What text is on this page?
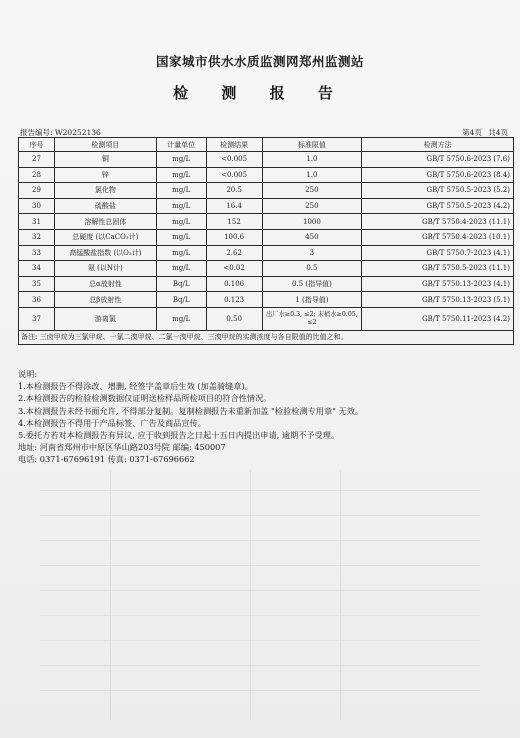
国家城市供水水质监测网郑州监测站
检 测 报 告
报告编号: W20252136	第4页 共4页
序号	检测项目	计量单位	检测结果	标准限值	检测方法
27	铜	mg/L	<0.005	1.0	GB/T 5750.6-2023 (7.6)
28	锌	mg/L	<0.005	1.0	GB/T 5750.6-2023 (8.4)
29	氯化物	mg/L	20.5	250	GB/T 5750.5-2023 (5.2)
30	硫酸盐	mg/L	16.4	250	GB/T 5750.5-2023 (4.2)
31	溶解性总固体	mg/L	152	1000	GB/T 5750.4-2023 (11.1)
32	总硬度 (以CaCO₃计)	mg/L	100.6	450	GB/T 5750.4-2023 (10.1)
33	高锰酸盐指数 (以O₂计)	mg/L	2.62	3	GB/T 5750.7-2023 (4.1)
34	氨 (以N计)	mg/L	<0.02	0.5	GB/T 5750.5-2023 (11.1)
35	总α放射性	Bq/L	0.106	0.5 (指导值)	GB/T 5750.13-2023 (4.1)
36	总β放射性	Bq/L	0.123	1 (指导值)	GB/T 5750.13-2023 (5.1)
37	游离氯	mg/L	0.50	出厂水≥0.3, ≤2; 末梢水≥0.05, ≤2	GB/T 5750.11-2023 (4.2)
备注: 三卤甲烷为三氯甲烷、一氯二溴甲烷、二氯一溴甲烷、三溴甲烷的实测浓度与各自限值的比值之和。					
说明:
1.本检测报告不得涂改、增删, 经签字盖章后生效 (加盖骑缝章)。
2.本检测报告的检验检测数据仅证明送检样品所检项目的符合性情况。
3.本检测报告未经书面允许, 不得部分复制。复制检测报告未重新加盖 "检验检测专用章" 无效。
4.本检测报告不得用于产品标签、广告及商品宣传。
5.委托方若对本检测报告有异议, 应于收到报告之日起十五日内提出申请, 逾期不予受理。
地址: 河南省郑州市中原区华山路203号院 邮编: 450007
电话: 0371-67696191 传真: 0371-67696662
